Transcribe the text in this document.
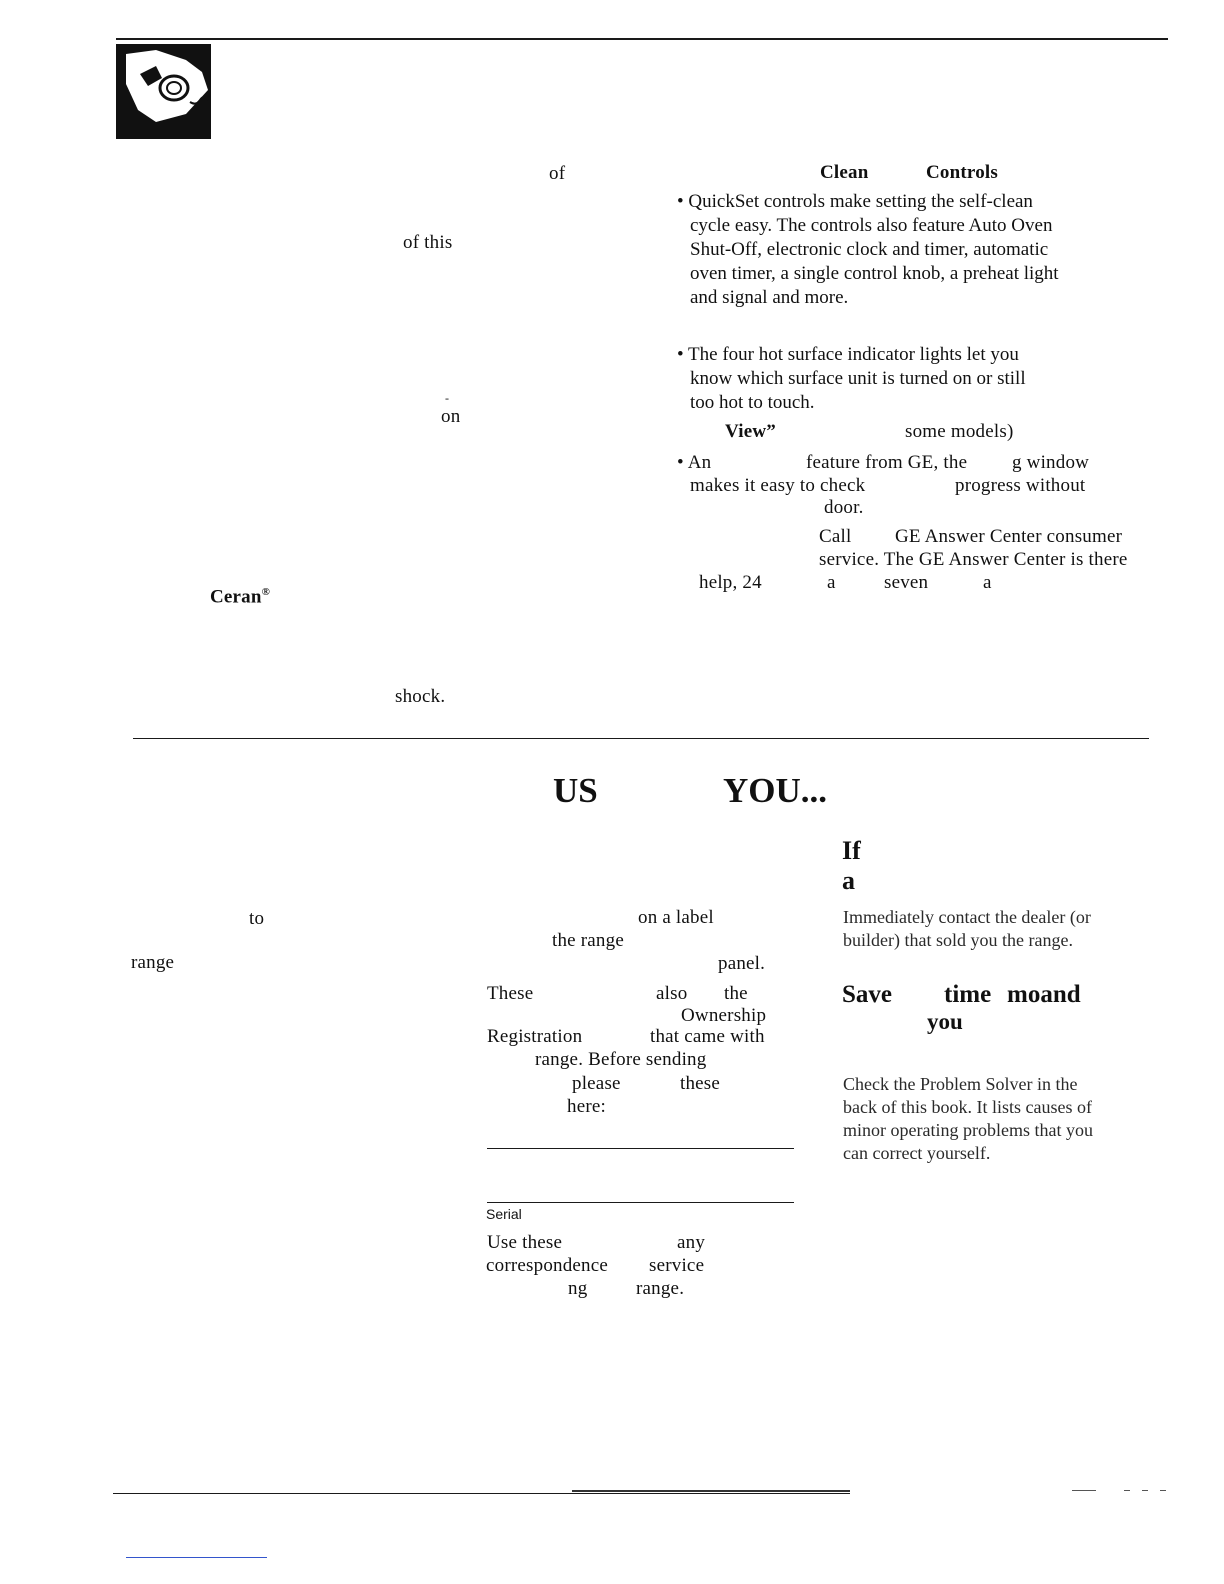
of
of this
-
on
Ceran®
shock.
Clean	Controls

• QuickSet controls make setting the self-clean

cycle easy. The controls also feature Auto Oven

Shut-Off, electronic clock and timer, automatic

oven timer, a single control knob, a preheat light

and signal and more.

• The four hot surface indicator lights let you

know which surface unit is turned on or still

too hot to touch.

View”	some models)
• An	feature from GE, the g window
makes it easy to check	progress without
door.
Call GE Answer Center consumer
service. The GE Answer Center is there
help, 24	a	seven	a
US	YOU...
to
range
on a label
the range
panel.
These	also the
Ownership
Registration	that came with
range. Before sending
please	these
here:
Serial
Use these	any
correspondence service
ng	range.
If
a

Immediately contact the dealer (or

builder) that sold you the range.

Save time moand
you

Check the Problem Solver in the

back of this book. It lists causes of

minor operating problems that you

can correct yourself.
